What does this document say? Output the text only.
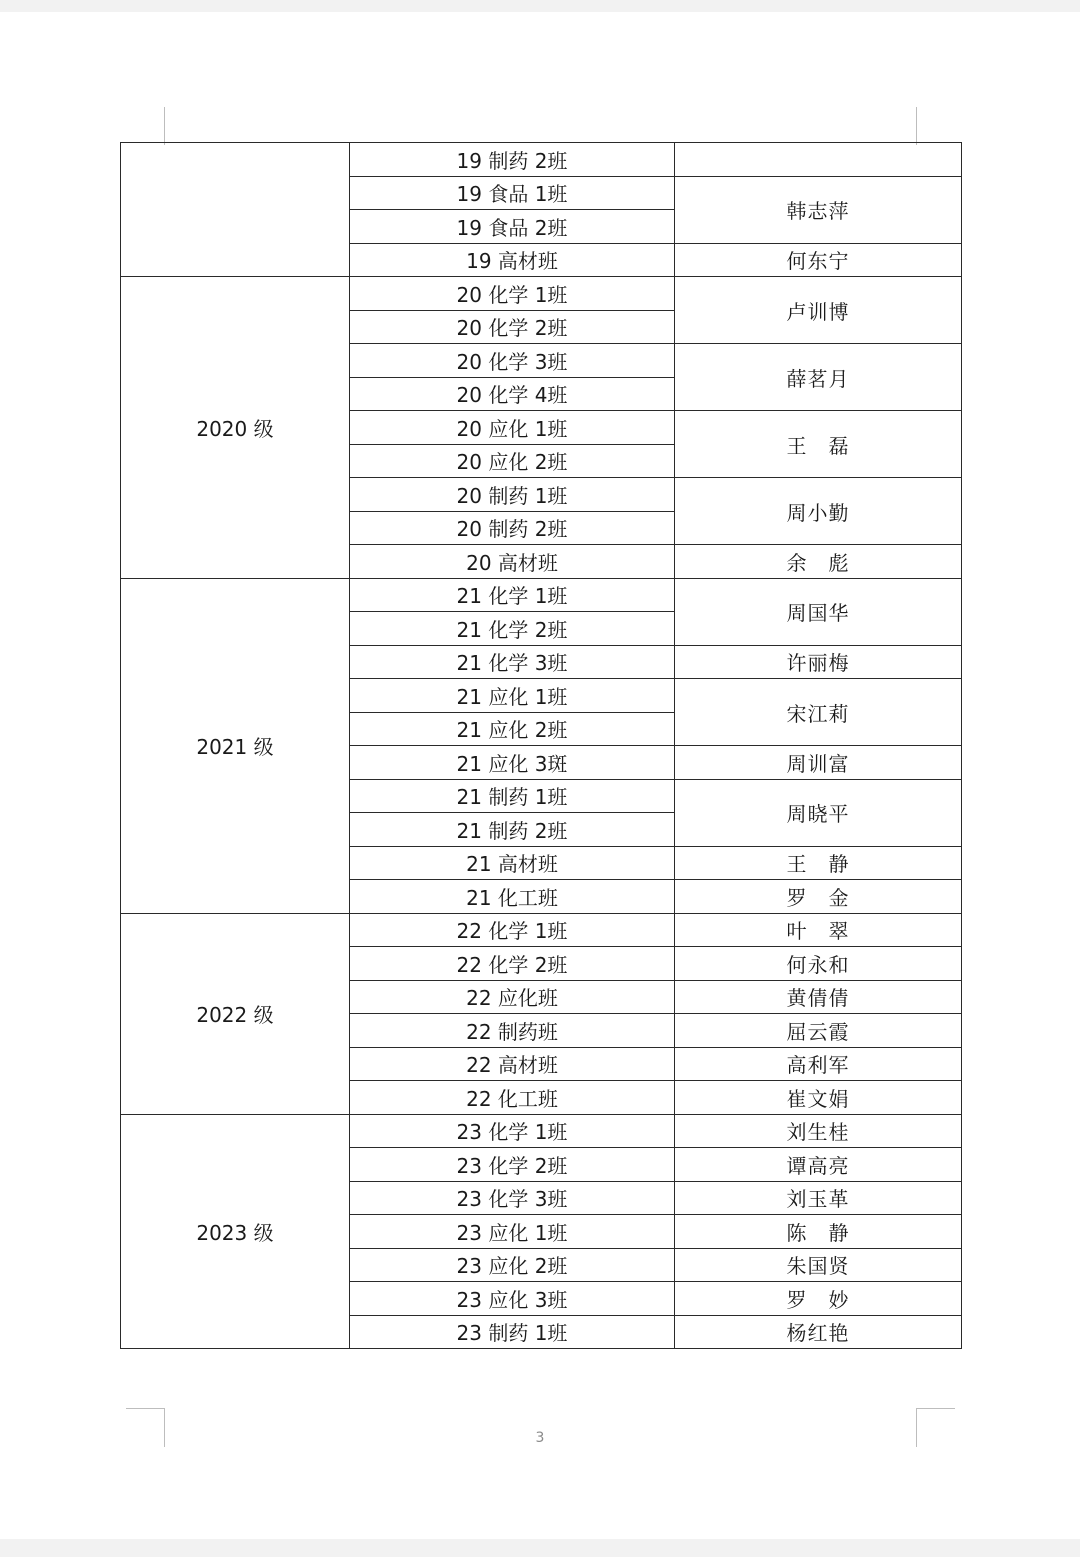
	19 制药 2班	
	19 食品 1班	韩志萍
	19 食品 2班	
	19 高材班	何东宁
2020 级	20 化学 1班	卢训博
	20 化学 2班	
	20 化学 3班	薛茗月
	20 化学 4班	
	20 应化 1班	王　磊
	20 应化 2班	
	20 制药 1班	周小勤
	20 制药 2班	
	20 高材班	余　彪
2021 级	21 化学 1班	周国华
	21 化学 2班	
	21 化学 3班	许丽梅
	21 应化 1班	宋江莉
	21 应化 2班	
	21 应化 3斑	周训富
	21 制药 1班	周晓平
	21 制药 2班	
	21 高材班	王　静
	21 化工班	罗　金
2022 级	22 化学 1班	叶　翠
	22 化学 2班	何永和
	22 应化班	黄倩倩
	22 制药班	屈云霞
	22 高材班	高利军
	22 化工班	崔文娟
2023 级	23 化学 1班	刘生桂
	23 化学 2班	谭高亮
	23 化学 3班	刘玉革
	23 应化 1班	陈　静
	23 应化 2班	朱国贤
	23 应化 3班	罗　妙
	23 制药 1班	杨红艳
3
